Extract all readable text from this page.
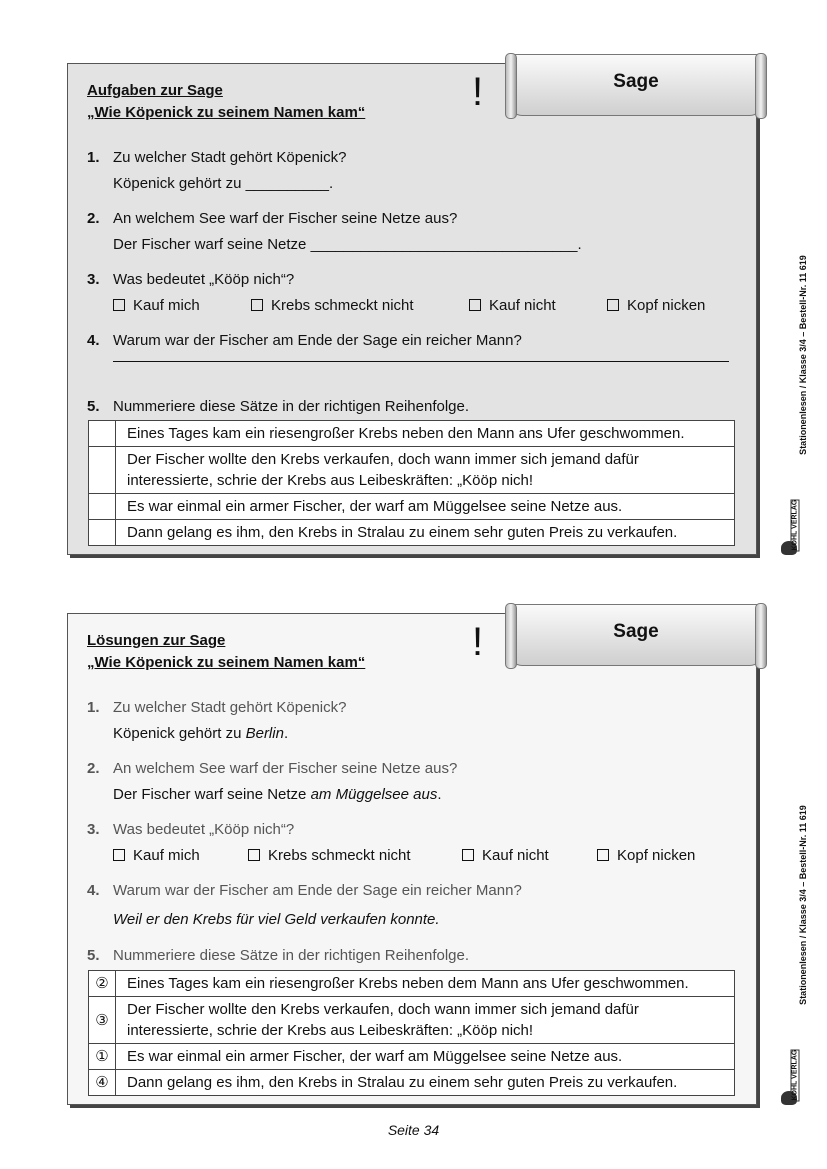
Sage
!
Aufgaben zur Sage
„Wie Köpenick zu seinem Namen kam“
1. Zu welcher Stadt gehört Köpenick?
Köpenick gehört zu __________.
2. An welchem See warf der Fischer seine Netze aus?
Der Fischer warf seine Netze ________________________________.
3. Was bedeutet „Kööp nich“?
Kauf mich	Krebs schmeckt nicht	Kauf nicht	Kopf nicken
4. Warum war der Fischer am Ende der Sage ein reicher Mann?
5. Nummeriere diese Sätze in der richtigen Reihenfolge.
	Eines Tages kam ein riesengroßer Krebs neben den Mann ans Ufer geschwommen.
	Der Fischer wollte den Krebs verkaufen, doch wann immer sich jemand dafür interessierte, schrie der Krebs aus Leibeskräften: „Kööp nich!
	Es war einmal ein armer Fischer, der warf am Müggelsee seine Netze aus.
	Dann gelang es ihm, den Krebs in Stralau zu einem sehr guten Preis zu verkaufen.
Sage
!
Lösungen zur Sage
„Wie Köpenick zu seinem Namen kam“
1. Zu welcher Stadt gehört Köpenick?
Köpenick gehört zu Berlin.
2. An welchem See warf der Fischer seine Netze aus?
Der Fischer warf seine Netze am Müggelsee aus.
3. Was bedeutet „Kööp nich“?
Kauf mich	Krebs schmeckt nicht	Kauf nicht	Kopf nicken
4. Warum war der Fischer am Ende der Sage ein reicher Mann?
Weil er den Krebs für viel Geld verkaufen konnte.
5. Nummeriere diese Sätze in der richtigen Reihenfolge.
②	Eines Tages kam ein riesengroßer Krebs neben dem Mann ans Ufer geschwommen.
③	Der Fischer wollte den Krebs verkaufen, doch wann immer sich jemand dafür interessierte, schrie der Krebs aus Leibeskräften: „Kööp nich!
①	Es war einmal ein armer Fischer, der warf am Müggelsee seine Netze aus.
④	Dann gelang es ihm, den Krebs in Stralau zu einem sehr guten Preis zu verkaufen.
Stationenlesen / Klasse 3/4 – Bestell-Nr. 11 619
KOHL VERLAG
Stationenlesen / Klasse 3/4 – Bestell-Nr. 11 619
KOHL VERLAG
Seite 34
